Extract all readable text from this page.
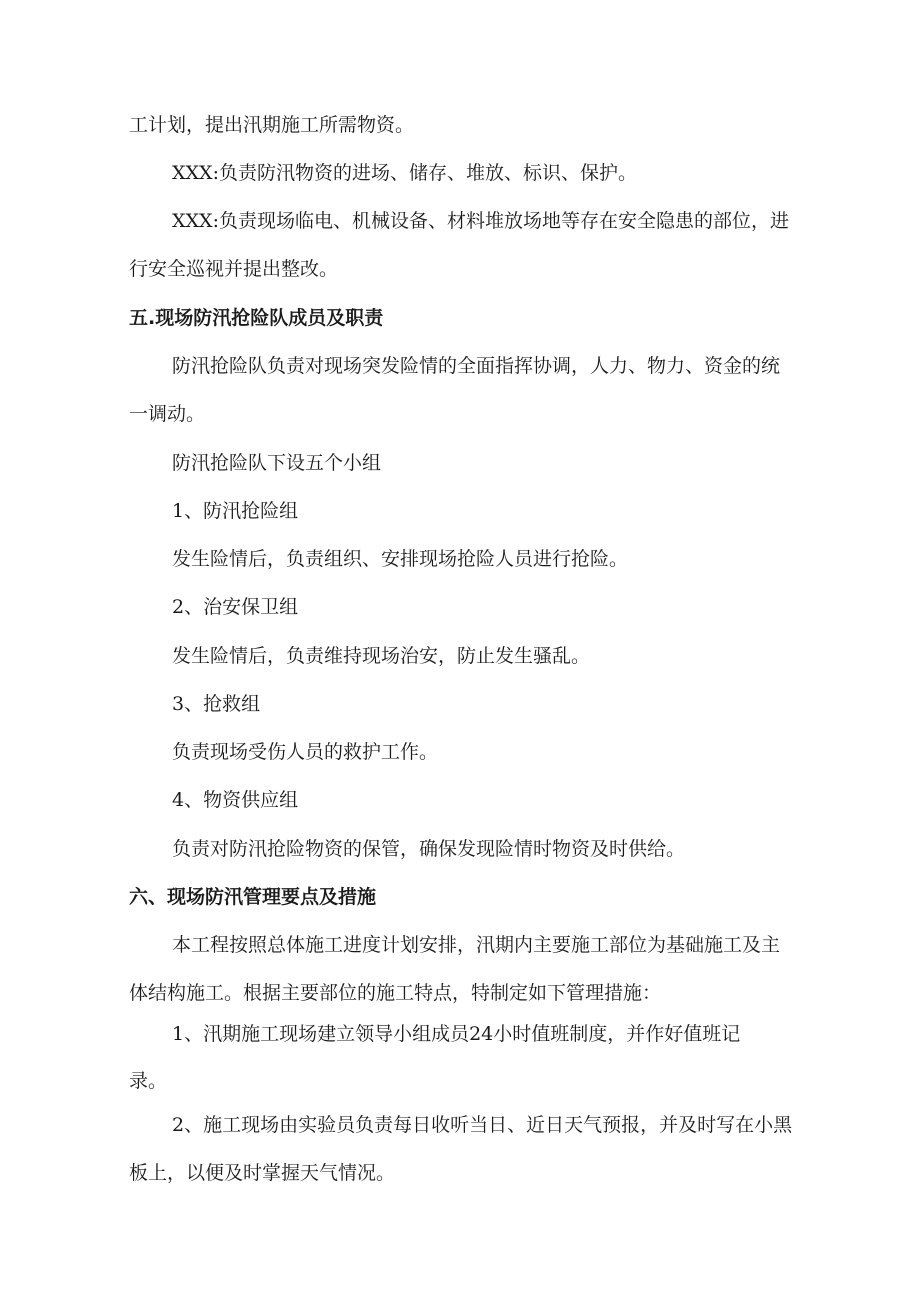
工计划，提出汛期施工所需物资。
XXX:负责防汛物资的进场、储存、堆放、标识、保护。
XXX:负责现场临电、机械设备、材料堆放场地等存在安全隐患的部位，进
行安全巡视并提出整改。
五.现场防汛抢险队成员及职责
防汛抢险队负责对现场突发险情的全面指挥协调，人力、物力、资金的统
一调动。
防汛抢险队下设五个小组
1、防汛抢险组
发生险情后，负责组织、安排现场抢险人员进行抢险。
2、治安保卫组
发生险情后，负责维持现场治安，防止发生骚乱。
3、抢救组
负责现场受伤人员的救护工作。
4、物资供应组
负责对防汛抢险物资的保管，确保发现险情时物资及时供给。
六、现场防汛管理要点及措施
本工程按照总体施工进度计划安排，汛期内主要施工部位为基础施工及主
体结构施工。根据主要部位的施工特点，特制定如下管理措施：
1、汛期施工现场建立领导小组成员24小时值班制度，并作好值班记
录。
2、施工现场由实验员负责每日收听当日、近日天气预报，并及时写在小黑
板上，以便及时掌握天气情况。
